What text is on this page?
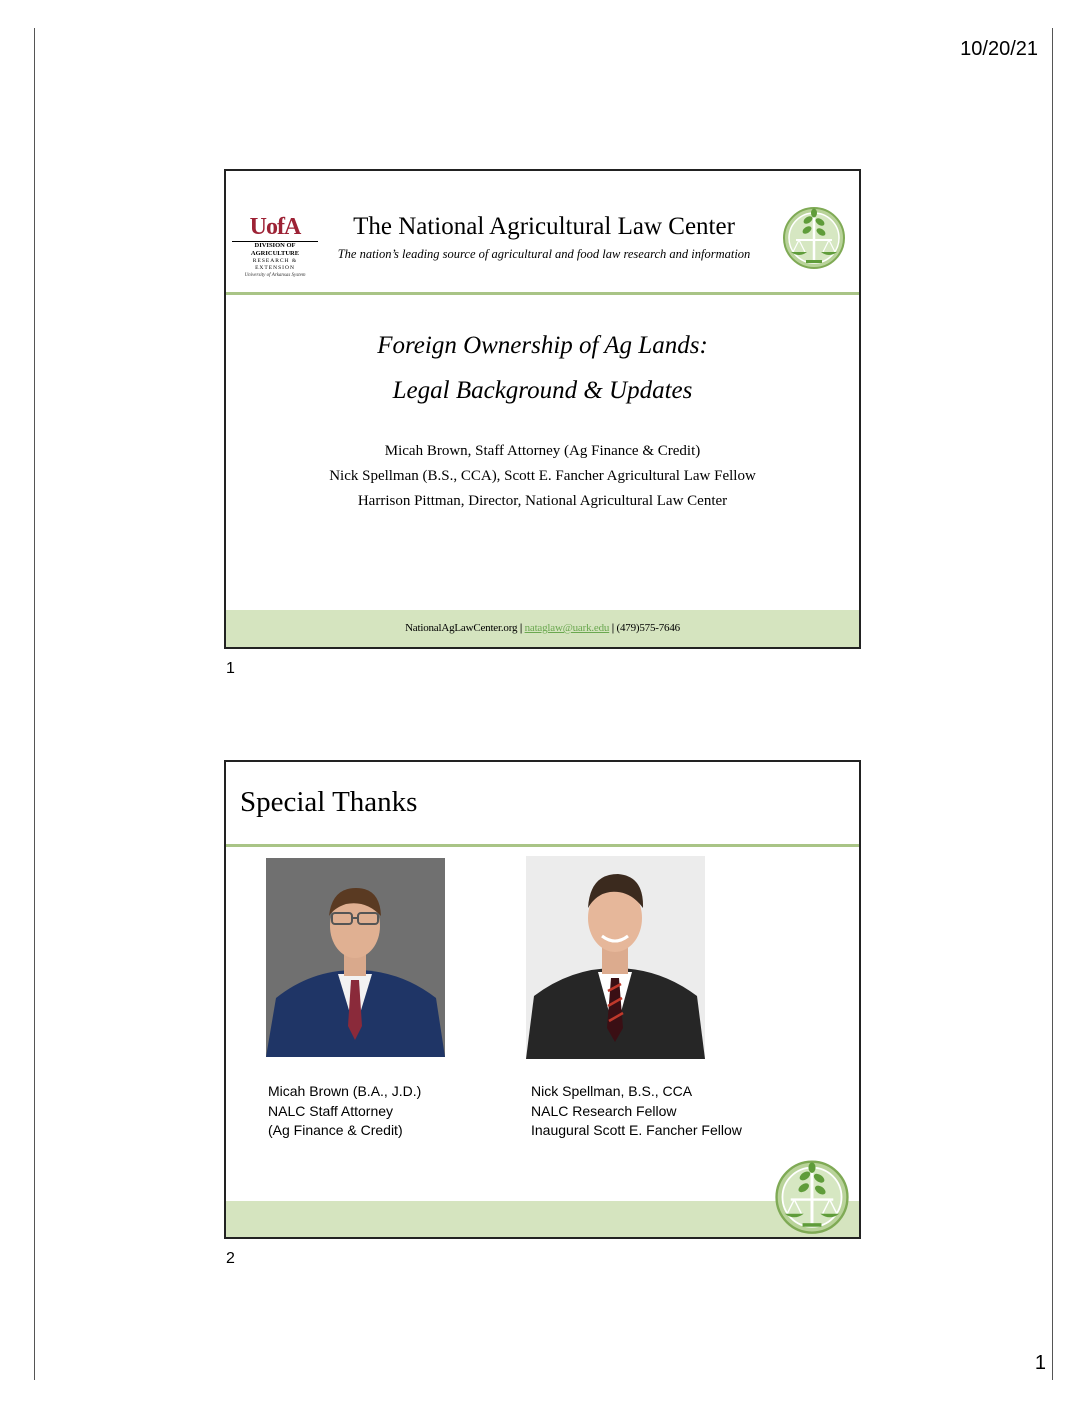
10/20/21
UofA
DIVISION OF AGRICULTURE
RESEARCH & EXTENSION
University of Arkansas System
The National Agricultural Law Center
The nation’s leading source of agricultural and food law research and information
Foreign Ownership of Ag Lands:
Legal Background & Updates
Micah Brown, Staff Attorney (Ag Finance & Credit)
Nick Spellman (B.S., CCA), Scott E. Fancher Agricultural Law Fellow
Harrison Pittman, Director, National Agricultural Law Center
NationalAgLawCenter.org | nataglaw@uark.edu | (479)575-7646
1
Special Thanks
Micah Brown (B.A., J.D.)
NALC Staff Attorney
(Ag Finance & Credit)
Nick Spellman, B.S., CCA
NALC Research Fellow
Inaugural Scott E. Fancher Fellow
2
1
